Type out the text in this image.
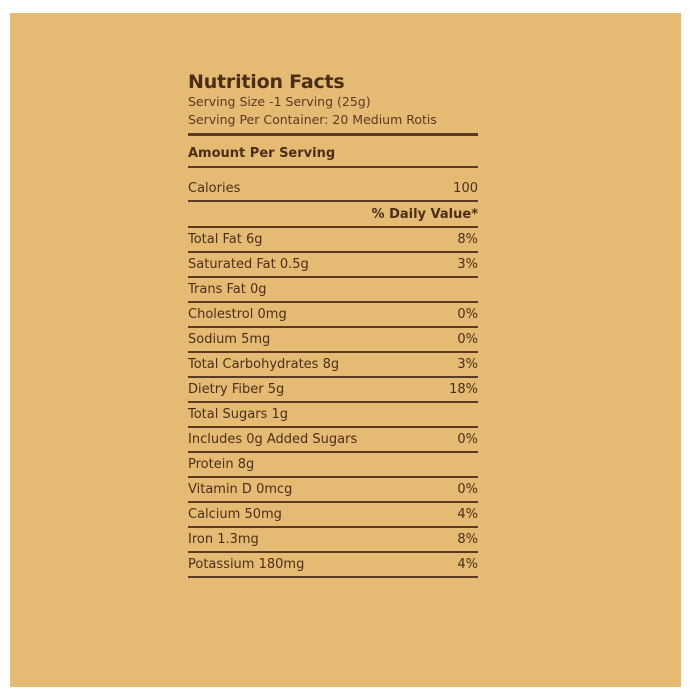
Nutrition Facts
Serving Size -1 Serving (25g)
Serving Per Container: 20 Medium Rotis
Amount Per Serving
Calories	100
% Daily Value*
Total Fat 6g	8%
Saturated Fat 0.5g	3%
Trans Fat 0g
Cholestrol 0mg	0%
Sodium 5mg	0%
Total Carbohydrates 8g	3%
Dietry Fiber 5g	18%
Total Sugars 1g
Includes 0g Added Sugars	0%
Protein 8g
Vitamin D 0mcg	0%
Calcium 50mg	4%
Iron 1.3mg	8%
Potassium 180mg	4%
